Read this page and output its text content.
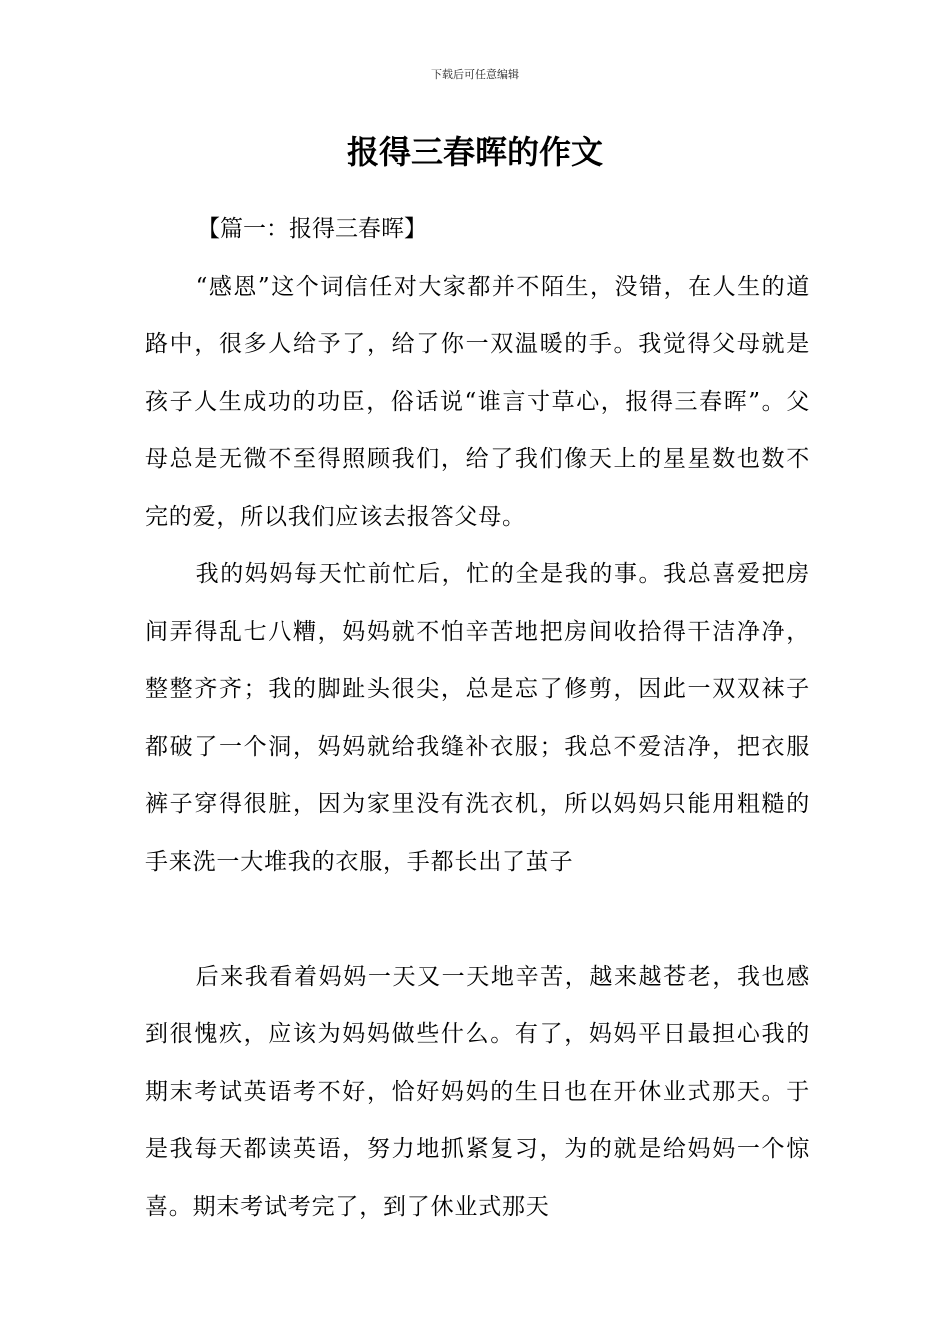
下载后可任意编辑
报得三春晖的作文

【篇一：报得三春晖】

“感恩”这个词信任对大家都并不陌生，没错，在人生的道路中，很多人给予了，给了你一双温暖的手。我觉得父母就是孩子人生成功的功臣，俗话说“谁言寸草心，报得三春晖”。父母总是无微不至得照顾我们，给了我们像天上的星星数也数不完的爱，所以我们应该去报答父母。

我的妈妈每天忙前忙后，忙的全是我的事。我总喜爱把房间弄得乱七八糟，妈妈就不怕辛苦地把房间收拾得干洁净净，整整齐齐；我的脚趾头很尖，总是忘了修剪，因此一双双袜子都破了一个洞，妈妈就给我缝补衣服；我总不爱洁净，把衣服裤子穿得很脏，因为家里没有洗衣机，所以妈妈只能用粗糙的手来洗一大堆我的衣服，手都长出了茧子

后来我看着妈妈一天又一天地辛苦，越来越苍老，我也感到很愧疚，应该为妈妈做些什么。有了，妈妈平日最担心我的期末考试英语考不好，恰好妈妈的生日也在开休业式那天。于是我每天都读英语，努力地抓紧复习，为的就是给妈妈一个惊喜。期末考试考完了，到了休业式那天
